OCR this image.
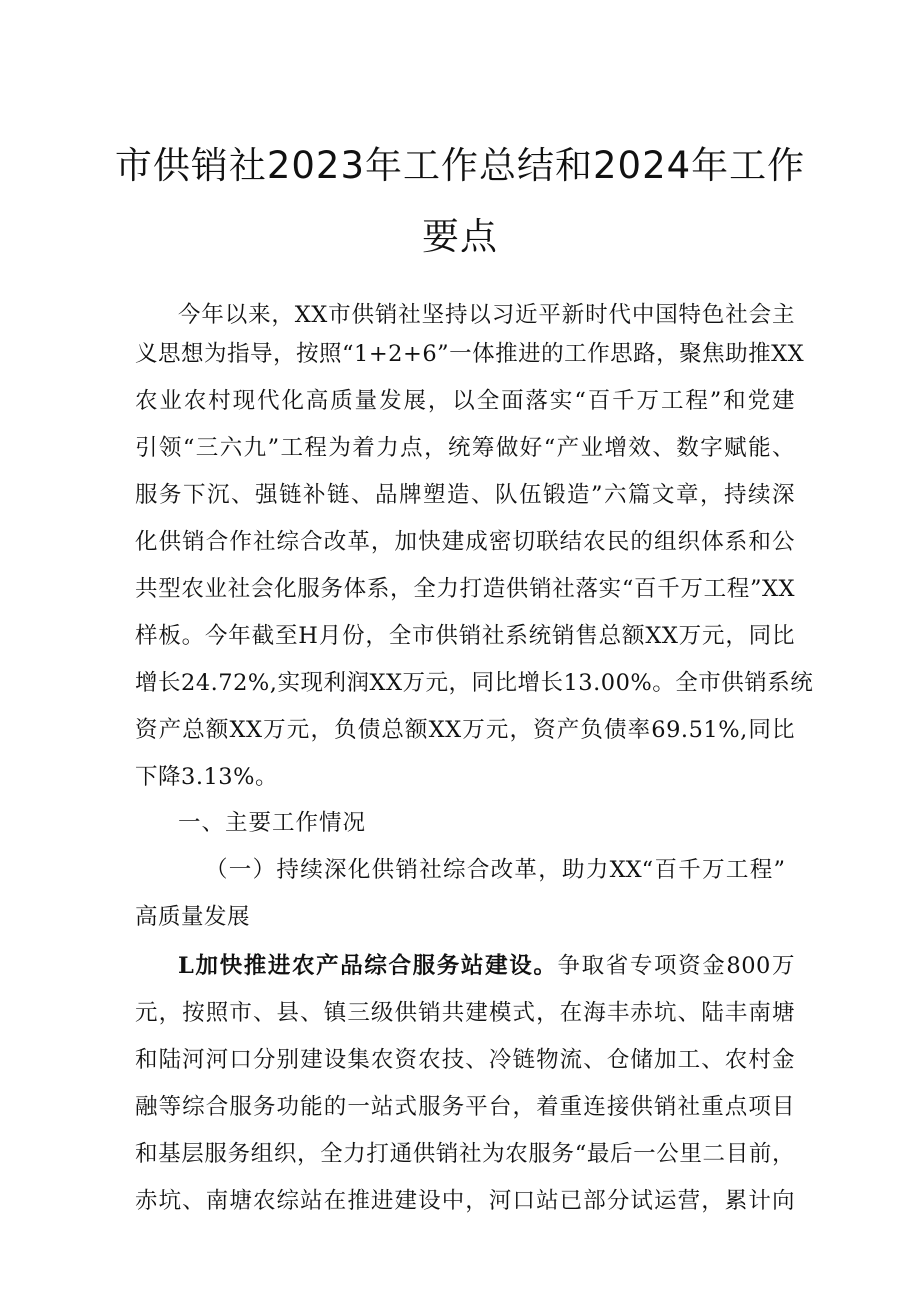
市供销社2023年工作总结和2024年工作
要点
今年以来，XX市供销社坚持以习近平新时代中国特色社会主
义思想为指导，按照“1+2+6”一体推进的工作思路，聚焦助推XX
农业农村现代化高质量发展，以全面落实“百千万工程”和党建
引领“三六九”工程为着力点，统筹做好“产业增效、数字赋能、
服务下沉、强链补链、品牌塑造、队伍锻造”六篇文章，持续深
化供销合作社综合改革，加快建成密切联结农民的组织体系和公
共型农业社会化服务体系，全力打造供销社落实“百千万工程”XX
样板。今年截至H月份，全市供销社系统销售总额XX万元，同比
增长24.72%,实现利润XX万元，同比增长13.00%。全市供销系统
资产总额XX万元，负债总额XX万元，资产负债率69.51%,同比
下降3.13%。
一、主要工作情况
（一）持续深化供销社综合改革，助力XX“百千万工程”
高质量发展
L加快推进农产品综合服务站建设。争取省专项资金800万
元，按照市、县、镇三级供销共建模式，在海丰赤坑、陆丰南塘
和陆河河口分别建设集农资农技、冷链物流、仓储加工、农村金
融等综合服务功能的一站式服务平台，着重连接供销社重点项目
和基层服务组织，全力打通供销社为农服务“最后一公里二目前，
赤坑、南塘农综站在推进建设中，河口站已部分试运营，累计向
